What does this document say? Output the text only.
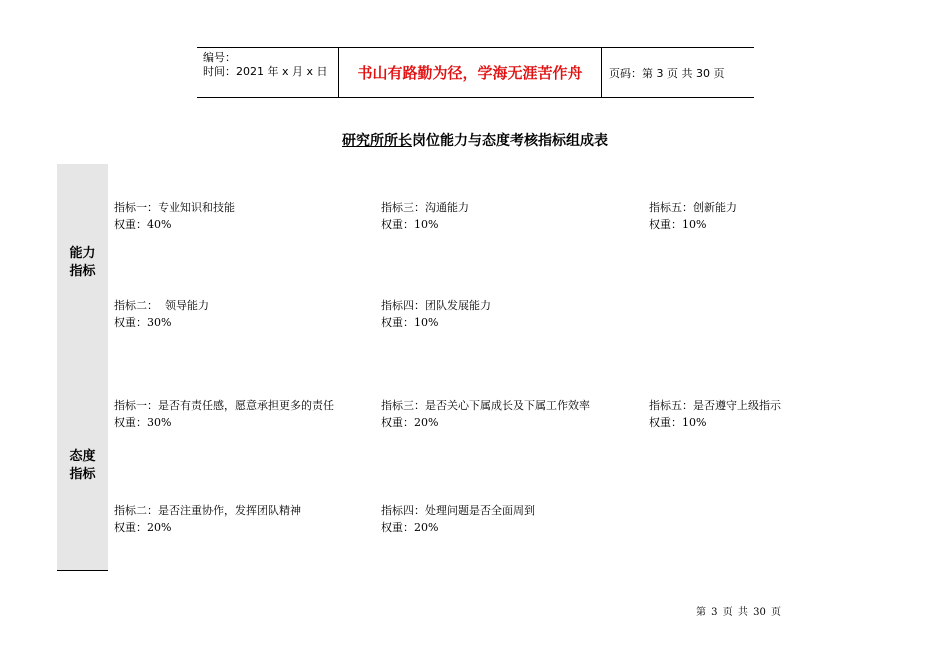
编号：
时间：2021 年 x 月 x 日	书山有路勤为径，学海无涯苦作舟	页码：第 3 页 共 30 页
研究所所长岗位能力与态度考核指标组成表
能力
指标
指标一：专业知识和技能
权重：40%
指标三：沟通能力
权重：10%
指标五：创新能力
权重：10%
指标二：  领导能力
权重：30%
指标四：团队发展能力
权重：10%
态度
指标
指标一：是否有责任感，愿意承担更多的责任
权重：30%
指标三：是否关心下属成长及下属工作效率
权重：20%
指标五：是否遵守上级指示
权重：10%
指标二：是否注重协作，发挥团队精神
权重：20%
指标四：处理问题是否全面周到
权重：20%
第 3 页 共 30 页
